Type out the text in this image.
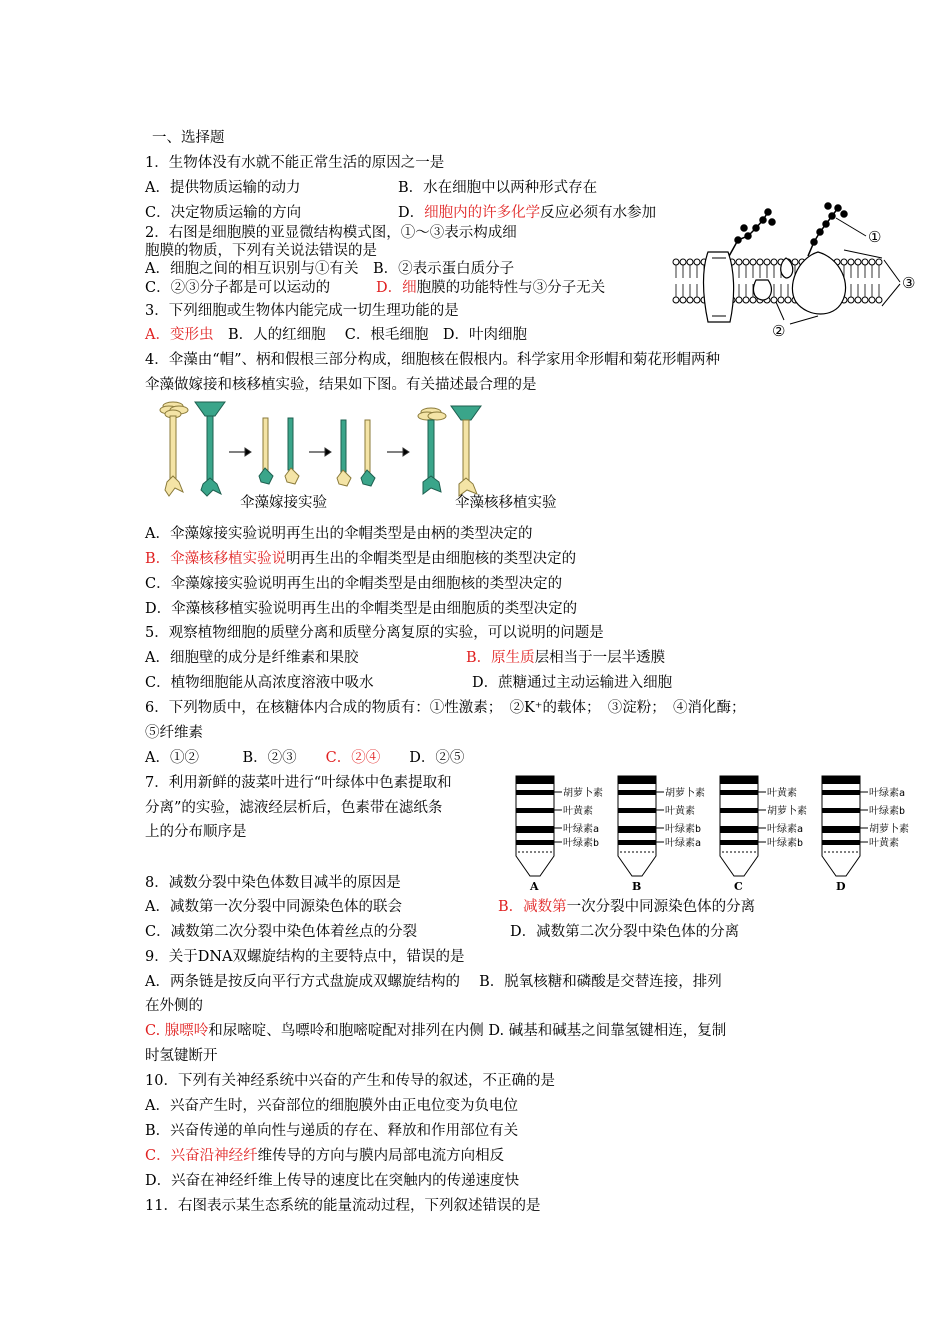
一、选择题
1．生物体没有水就不能正常生活的原因之一是
A．提供物质运输的动力	B．水在细胞中以两种形式存在
C．决定物质运输的方向	D．细胞内的许多化学反应必须有水参加
2．右图是细胞膜的亚显微结构模式图，①～③表示构成细
胞膜的物质，下列有关说法错误的是
A．细胞之间的相互识别与①有关　B．②表示蛋白质分子
C．②③分子都是可以运动的	D．细胞膜的功能特性与③分子无关
①
③
②
3．下列细胞或生物体内能完成一切生理功能的是
A．变形虫　B．人的红细胞　 C．根毛细胞　D．叶肉细胞
4．伞藻由“帽”、柄和假根三部分构成，细胞核在假根内。科学家用伞形帽和菊花形帽两种
伞藻做嫁接和核移植实验，结果如下图。有关描述最合理的是
伞藻嫁接实验	伞藻核移植实验
A．伞藻嫁接实验说明再生出的伞帽类型是由柄的类型决定的
B．伞藻核移植实验说明再生出的伞帽类型是由细胞核的类型决定的
C．伞藻嫁接实验说明再生出的伞帽类型是由细胞核的类型决定的
D．伞藻核移植实验说明再生出的伞帽类型是由细胞质的类型决定的
5．观察植物细胞的质壁分离和质壁分离复原的实验，可以说明的问题是
A．细胞壁的成分是纤维素和果胶	B．原生质层相当于一层半透膜
C．植物细胞能从高浓度溶液中吸水	D．蔗糖通过主动运输进入细胞
6．下列物质中，在核糖体内合成的物质有：①性激素；　②K⁺的载体；　③淀粉；　④消化酶；
⑤纤维素
A．①②　　　B．②③　　C．②④　　D．②⑤
7．利用新鲜的菠菜叶进行“叶绿体中色素提取和
分离”的实验，滤液经层析后，色素带在滤纸条
上的分布顺序是
胡萝卜素
叶黄素
叶绿素a
叶绿素b
A
胡萝卜素
叶黄素
叶绿素b
叶绿素a
B
叶黄素
胡萝卜素
叶绿素a
叶绿素b
C
叶绿素a
叶绿素b
胡萝卜素
叶黄素
D
8．减数分裂中染色体数目减半的原因是
A．减数第一次分裂中同源染色体的联会	B．减数第一次分裂中同源染色体的分离
C．减数第二次分裂中染色体着丝点的分裂	D．减数第二次分裂中染色体的分离
9．关于DNA双螺旋结构的主要特点中，错误的是
A．两条链是按反向平行方式盘旋成双螺旋结构的　 B．脱氧核糖和磷酸是交替连接，排列
在外侧的
C. 腺嘌呤和尿嘧啶、鸟嘌呤和胞嘧啶配对排列在内侧 D. 碱基和碱基之间靠氢键相连，复制
时氢键断开
10．下列有关神经系统中兴奋的产生和传导的叙述，不正确的是
A．兴奋产生时，兴奋部位的细胞膜外由正电位变为负电位
B．兴奋传递的单向性与递质的存在、释放和作用部位有关
C．兴奋沿神经纤维传导的方向与膜内局部电流方向相反
D．兴奋在神经纤维上传导的速度比在突触内的传递速度快
11．右图表示某生态系统的能量流动过程，下列叙述错误的是
